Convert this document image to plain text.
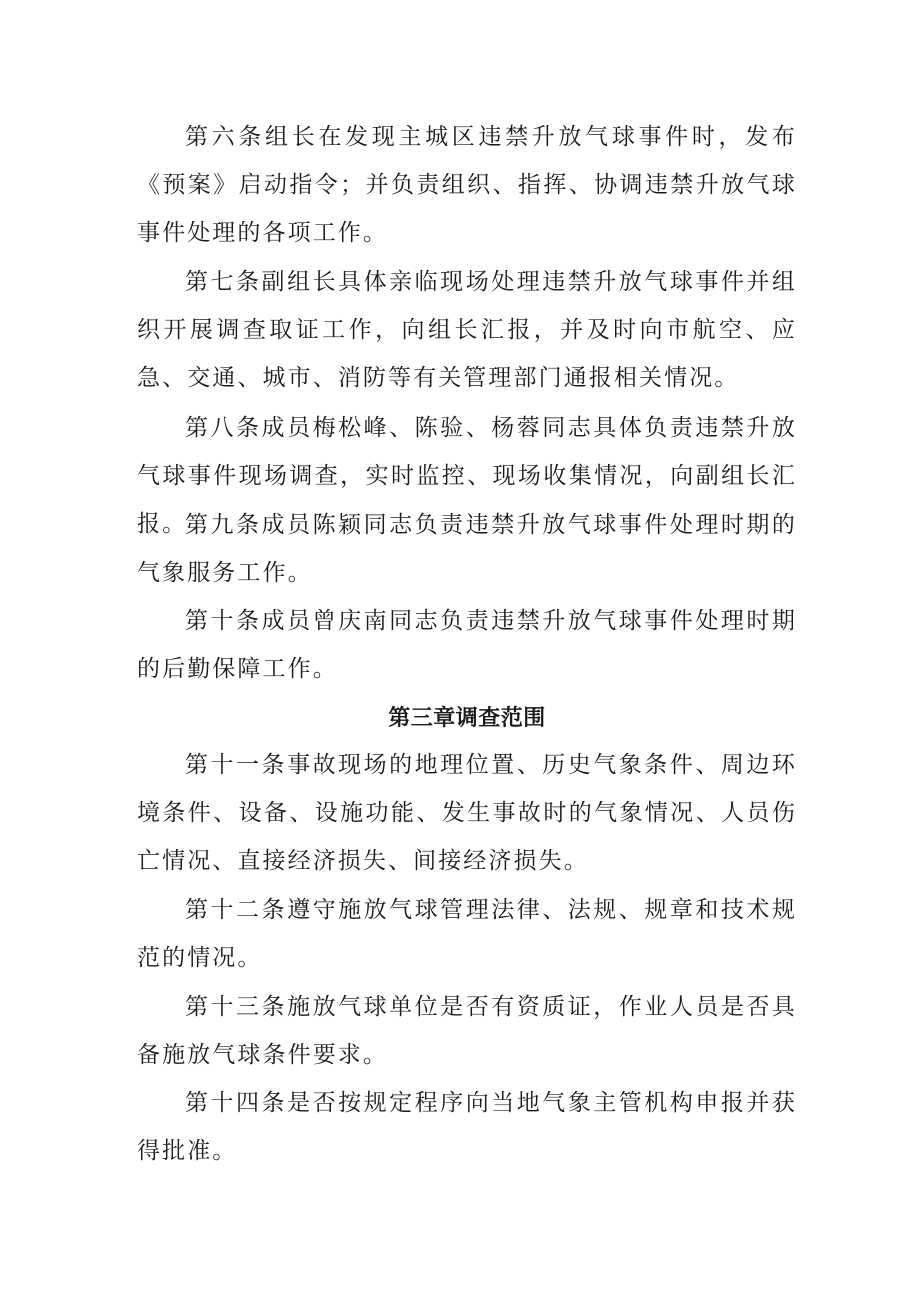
第六条组长在发现主城区违禁升放气球事件时，发布《预案》启动指令；并负责组织、指挥、协调违禁升放气球事件处理的各项工作。

第七条副组长具体亲临现场处理违禁升放气球事件并组织开展调查取证工作，向组长汇报，并及时向市航空、应急、交通、城市、消防等有关管理部门通报相关情况。

第八条成员梅松峰、陈验、杨蓉同志具体负责违禁升放气球事件现场调查，实时监控、现场收集情况，向副组长汇报。

第九条成员陈颖同志负责违禁升放气球事件处理时期的气象服务工作。

第十条成员曾庆南同志负责违禁升放气球事件处理时期的后勤保障工作。

第三章调查范围

第十一条事故现场的地理位置、历史气象条件、周边环境条件、设备、设施功能、发生事故时的气象情况、人员伤亡情况、直接经济损失、间接经济损失。

第十二条遵守施放气球管理法律、法规、规章和技术规范的情况。

第十三条施放气球单位是否有资质证，作业人员是否具备施放气球条件要求。

第十四条是否按规定程序向当地气象主管机构申报并获得批准。
